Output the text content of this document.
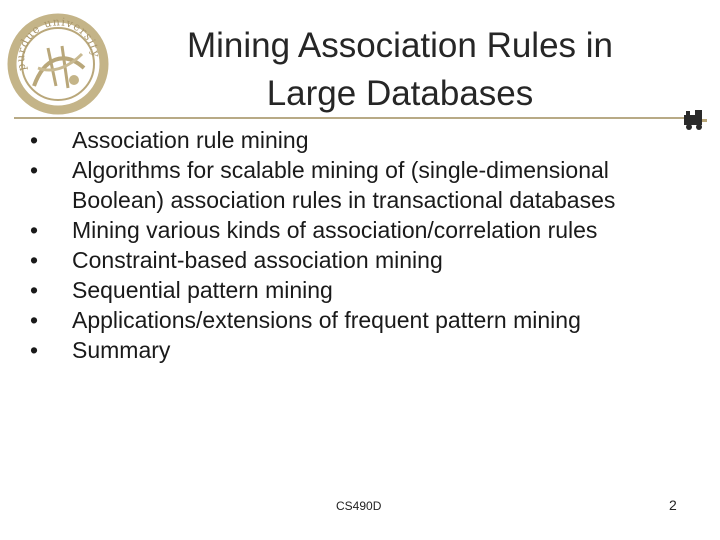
purdue university	Mining Association Rules in
Large Databases
• Association rule mining
• Algorithms for scalable mining of (single-dimensional Boolean) association rules in transactional databases
• Mining various kinds of association/correlation rules
• Constraint-based association mining
• Sequential pattern mining
• Applications/extensions of frequent pattern mining
• Summary
CS490D	2
